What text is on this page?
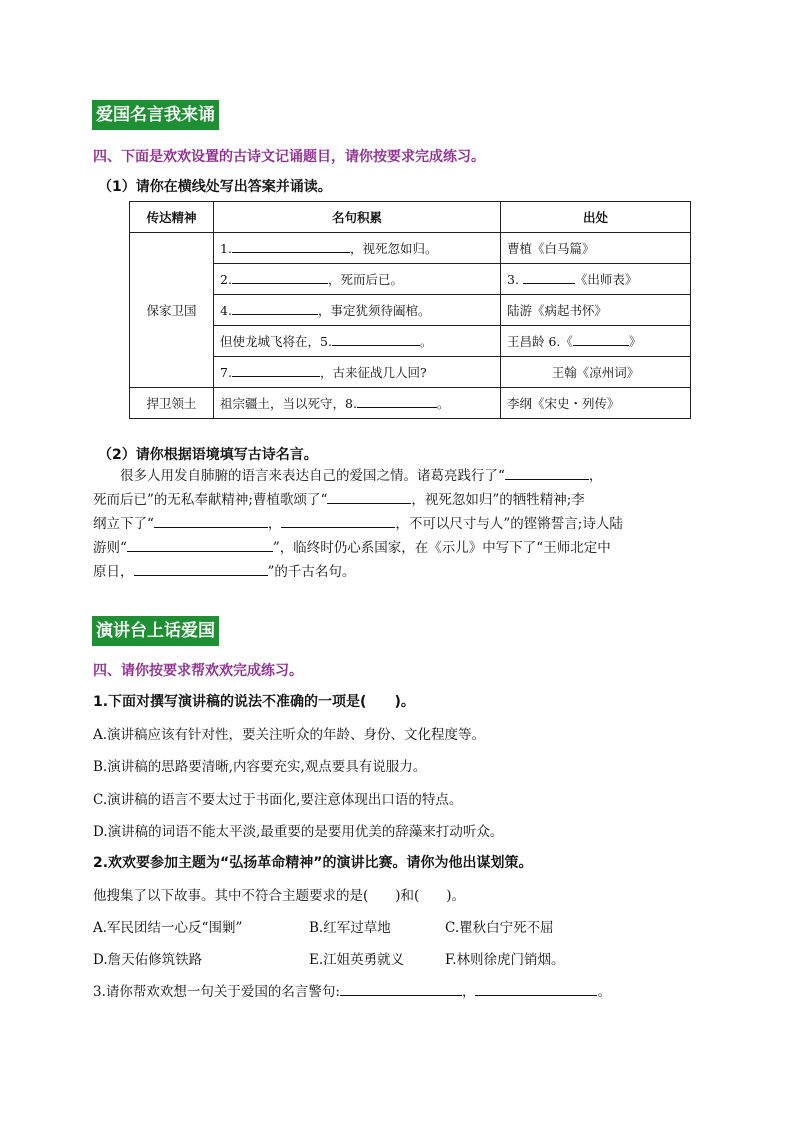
爱国名言我来诵
四、下面是欢欢设置的古诗文记诵题目，请你按要求完成练习。
（1）请你在横线处写出答案并诵读。
传达精神	名句积累	出处
保家卫国	1. ，视死忽如归。	曹植《白马篇》
	2. ，死而后已。	3. 《出师表》
	4. ，事定犹须待阖棺。	陆游《病起书怀》
	但使龙城飞将在，5. 。	王昌龄 6.《 》
	7. ，古来征战几人回?	王翰《凉州词》
捍卫领土	祖宗疆土，当以死守，8. 。	李纲《宋史・列传》
（2）请你根据语境填写古诗名言。
很多人用发自肺腑的语言来表达自己的爱国之情。诸葛亮践行了“	，
死而后已”的无私奉献精神;曹植歌颂了“	，视死忽如归”的牺牲精神;李
纲立下了“	，	，不可以尺寸与人”的铿锵誓言;诗人陆
游则“	”，临终时仍心系国家，在《示儿》中写下了“王师北定中
原日，	”的千古名句。
演讲台上话爱国
四、请你按要求帮欢欢完成练习。
1.下面对撰写演讲稿的说法不准确的一项是(　　)。
A.演讲稿应该有针对性，要关注听众的年龄、身份、文化程度等。
B.演讲稿的思路要清晰,内容要充实,观点要具有说服力。
C.演讲稿的语言不要太过于书面化,要注意体现出口语的特点。
D.演讲稿的词语不能太平淡,最重要的是要用优美的辞藻来打动听众。
2.欢欢要参加主题为“弘扬革命精神”的演讲比赛。请你为他出谋划策。
他搜集了以下故事。其中不符合主题要求的是(　　)和(　　)。
A.军民团结一心反“围剿”	B.红军过草地	C.瞿秋白宁死不屈
D.詹天佑修筑铁路	E.江姐英勇就义	F.林则徐虎门销烟。
3.请你帮欢欢想一句关于爱国的名言警句:	，	。
